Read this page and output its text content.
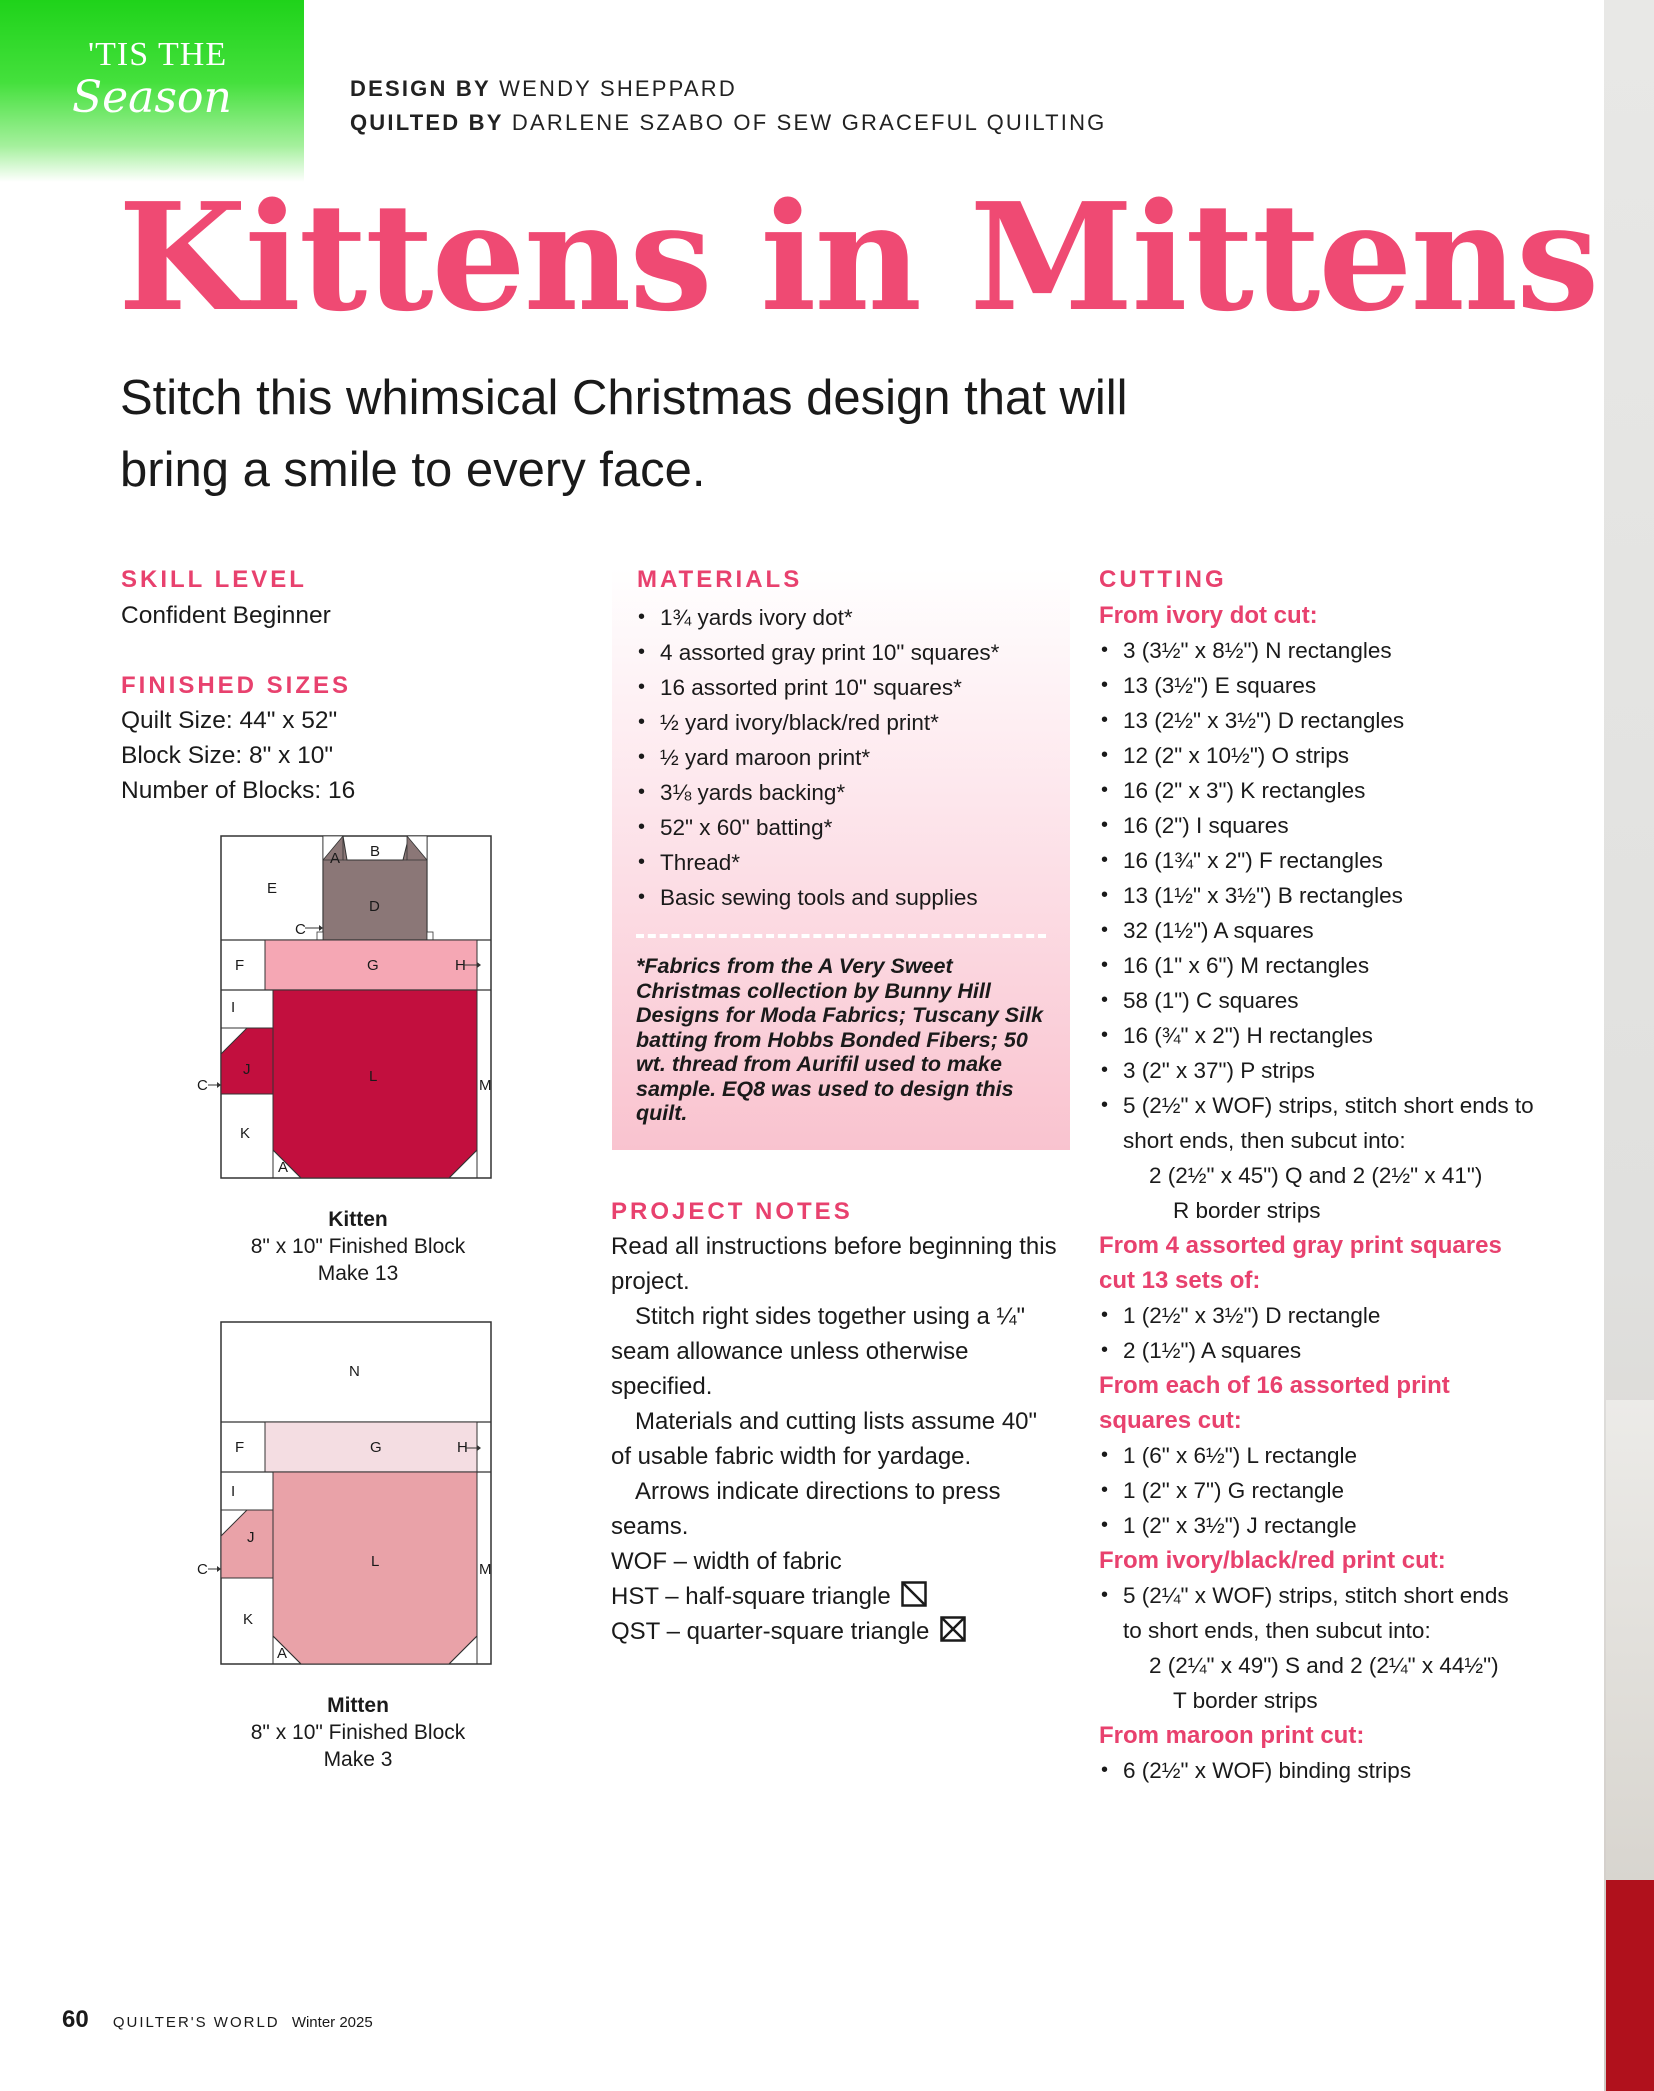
'TIS THE
Season	DESIGN BY WENDY SHEPPARD
QUILTED BY DARLENE SZABO OF SEW GRACEFUL QUILTING
Kittens in Mittens
Stitch this whimsical Christmas design that will bring a smile to every face.
SKILL LEVEL
Confident Beginner
FINISHED SIZES
Quilt Size: 44" x 52"
Block Size: 8" x 10"
Number of Blocks: 16
A B
D
E
C
F	G	H
I
J	L
M
C
K
A
Kitten
8" x 10" Finished Block
Make 13
N
F	G	H
I
J
L	M
C
K
A
Mitten
8" x 10" Finished Block
Make 3
MATERIALS
• 1¾ yards ivory dot*
• 4 assorted gray print 10" squares*
• 16 assorted print 10" squares*
• ½ yard ivory/black/red print*
• ½ yard maroon print*
• 3⅛ yards backing*
• 52" x 60" batting*
• Thread*
• Basic sewing tools and supplies
*Fabrics from the A Very Sweet Christmas collection by Bunny Hill Designs for Moda Fabrics; Tuscany Silk batting from Hobbs Bonded Fibers; 50 wt. thread from Aurifil used to make sample. EQ8 was used to design this quilt.
PROJECT NOTES

Read all instructions before beginning this project.

Stitch right sides together using a ¼" seam allowance unless otherwise specified.

Materials and cutting lists assume 40" of usable fabric width for yardage.

Arrows indicate directions to press seams.

WOF – width of fabric

HST – half-square triangle

QST – quarter-square triangle

CUTTING
From ivory dot cut:
• 3 (3½" x 8½") N rectangles
• 13 (3½") E squares
• 13 (2½" x 3½") D rectangles
• 12 (2" x 10½") O strips
• 16 (2" x 3") K rectangles
• 16 (2") I squares
• 16 (1¾" x 2") F rectangles
• 13 (1½" x 3½") B rectangles
• 32 (1½") A squares
• 16 (1" x 6") M rectangles
• 58 (1") C squares
• 16 (¾" x 2") H rectangles
• 3 (2" x 37") P strips
• 5 (2½" x WOF) strips, stitch short ends to
short ends, then subcut into:
2 (2½" x 45") Q and 2 (2½" x 41")
R border strips
From 4 assorted gray print squares
cut 13 sets of:
• 1 (2½" x 3½") D rectangle
• 2 (1½") A squares
From each of 16 assorted print
squares cut:
• 1 (6" x 6½") L rectangle
• 1 (2" x 7") G rectangle
• 1 (2" x 3½") J rectangle
From ivory/black/red print cut:
• 5 (2¼" x WOF) strips, stitch short ends
to short ends, then subcut into:
2 (2¼" x 49") S and 2 (2¼" x 44½")
T border strips
From maroon print cut:
• 6 (2½" x WOF) binding strips
60 QUILTER'S WORLD Winter 2025
